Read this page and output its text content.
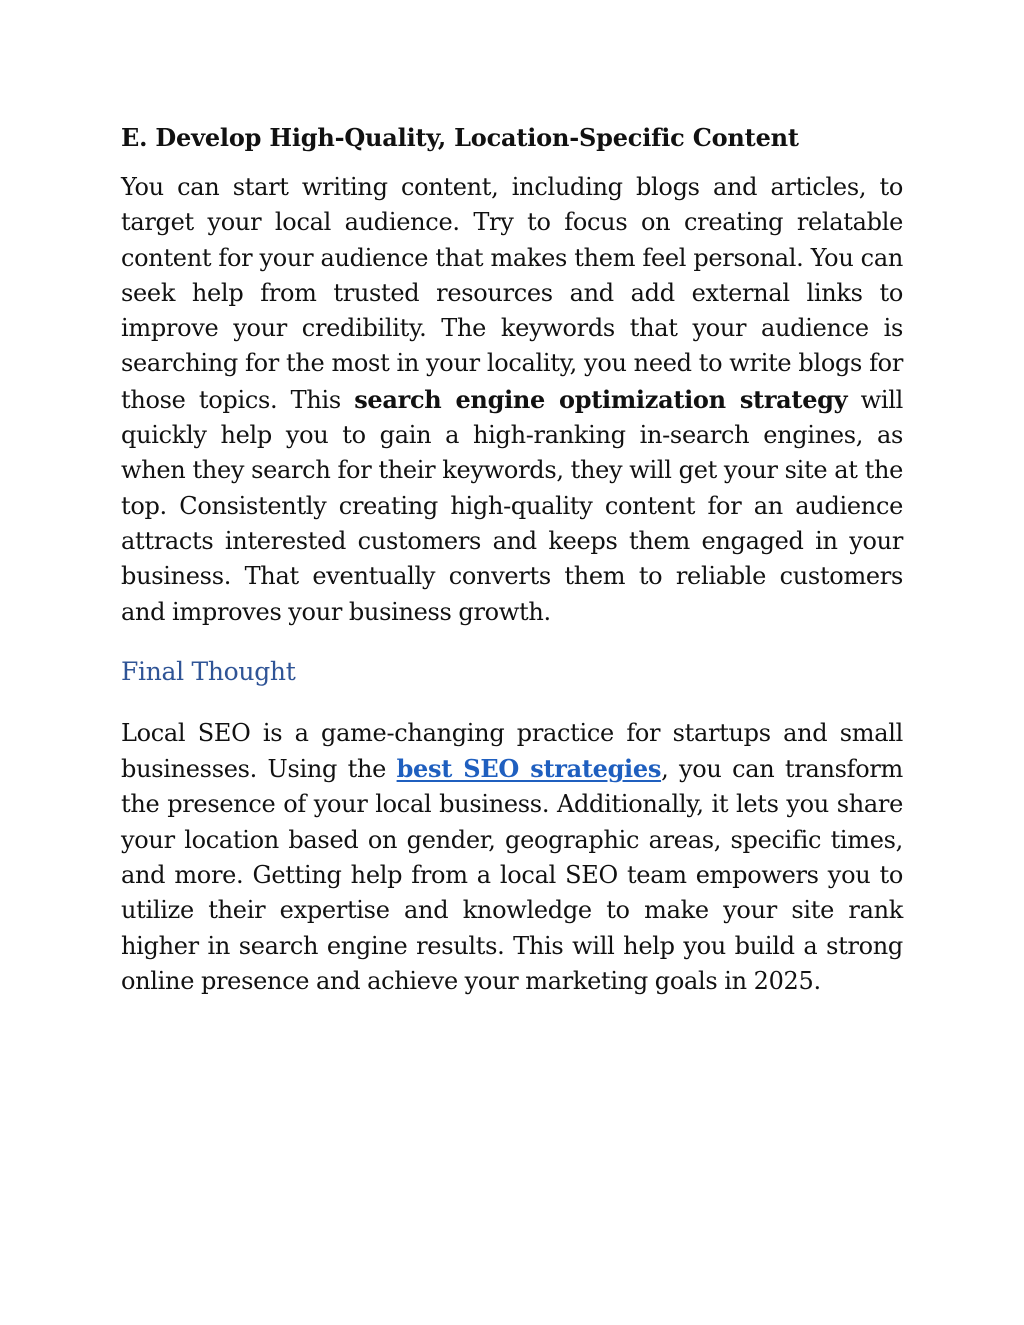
E. Develop High-Quality, Location-Specific Content

You can start writing content, including blogs and articles, to target your local audience. Try to focus on creating relatable content for your audience that makes them feel personal. You can seek help from trusted resources and add external links to improve your credibility. The keywords that your audience is searching for the most in your locality, you need to write blogs for those topics. This search engine optimization strategy will quickly help you to gain a high-ranking in-search engines, as when they search for their keywords, they will get your site at the top. Consistently creating high-quality content for an audience attracts interested customers and keeps them engaged in your business. That eventually converts them to reliable customers and improves your business growth.

Final Thought

Local SEO is a game-changing practice for startups and small businesses. Using the best SEO strategies, you can transform the presence of your local business. Additionally, it lets you share your location based on gender, geographic areas, specific times, and more. Getting help from a local SEO team empowers you to utilize their expertise and knowledge to make your site rank higher in search engine results. This will help you build a strong online presence and achieve your marketing goals in 2025.
